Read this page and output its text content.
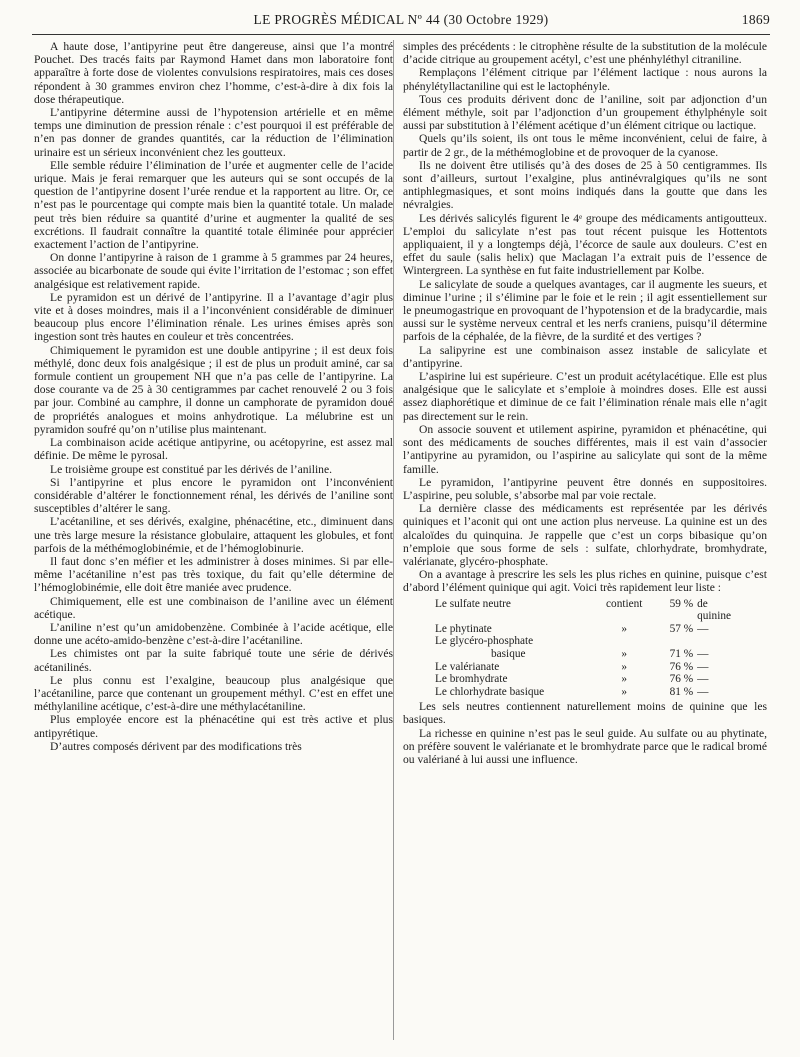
LE PROGRÈS MÉDICAL Nº 44 (30 Octobre 1929)	1869

A haute dose, l’antipyrine peut être dangereuse, ainsi que l’a montré Pouchet. Des tracés faits par Raymond Hamet dans mon laboratoire font apparaître à forte dose de violentes convulsions respiratoires, mais ces doses répondent à 30 grammes environ chez l’homme, c’est-à-dire à dix fois la dose thérapeutique.

L’antipyrine détermine aussi de l’hypotension artérielle et en même temps une diminution de pression rénale : c’est pourquoi il est préférable de n’en pas donner de grandes quantités, car la réduction de l’élimination urinaire est un sérieux inconvénient chez les goutteux.

Elle semble réduire l’élimination de l’urée et augmenter celle de l’acide urique. Mais je ferai remarquer que les auteurs qui se sont occupés de la question de l’antipyrine dosent l’urée rendue et la rapportent au litre. Or, ce n’est pas le pourcentage qui compte mais bien la quantité totale. Un malade peut très bien réduire sa quantité d’urine et augmenter la qualité de ses excrétions. Il faudrait connaître la quantité totale éliminée pour apprécier exactement l’action de l’antipyrine.

On donne l’antipyrine à raison de 1 gramme à 5 grammes par 24 heures, associée au bicarbonate de soude qui évite l’irritation de l’estomac ; son effet analgésique est relativement rapide.

Le pyramidon est un dérivé de l’antipyrine. Il a l’avantage d’agir plus vite et à doses moindres, mais il a l’inconvénient considérable de diminuer beaucoup plus encore l’élimination rénale. Les urines émises après son ingestion sont très hautes en couleur et très concentrées.

Chimiquement le pyramidon est une double antipyrine ; il est deux fois méthylé, donc deux fois analgésique ; il est de plus un produit aminé, car sa formule contient un groupement NH que n’a pas celle de l’antipyrine. La dose courante va de 25 à 30 centigrammes par cachet renouvelé 2 ou 3 fois par jour. Combiné au camphre, il donne un camphorate de pyramidon doué de propriétés analogues et moins anhydrotique. La mélubrine est un pyramidon soufré qu’on n’utilise plus maintenant.

La combinaison acide acétique antipyrine, ou acétopyrine, est assez mal définie. De même le pyrosal.

Le troisième groupe est constitué par les dérivés de l’aniline.

Si l’antipyrine et plus encore le pyramidon ont l’inconvénient considérable d’altérer le fonctionnement rénal, les dérivés de l’aniline sont susceptibles d’altérer le sang.

L’acétaniline, et ses dérivés, exalgine, phénacétine, etc., diminuent dans une très large mesure la résistance globulaire, attaquent les globules, et font parfois de la méthémoglobinémie, et de l’hémoglobinurie.

Il faut donc s’en méfier et les administrer à doses minimes. Si par elle-même l’acétaniline n’est pas très toxique, du fait qu’elle détermine de l’hémoglobinémie, elle doit être maniée avec prudence.

Chimiquement, elle est une combinaison de l’aniline avec un élément acétique.

L’aniline n’est qu’un amidobenzène. Combinée à l’acide acétique, elle donne une acéto-amido-benzène c’est-à-dire l’acétaniline.

Les chimistes ont par la suite fabriqué toute une série de dérivés acétanilinés.

Le plus connu est l’exalgine, beaucoup plus analgésique que l’acétaniline, parce que contenant un groupement méthyl. C’est en effet une méthylaniline acétique, c’est-à-dire une méthylacétaniline.

Plus employée encore est la phénacétine qui est très active et plus antipyrétique.

D’autres composés dérivent par des modifications très

simples des précédents : le citrophène résulte de la substitution de la molécule d’acide citrique au groupement acétyl, c’est une phénhyléthyl citraniline.

Remplaçons l’élément citrique par l’élément lactique : nous aurons la phénylétyllactaniline qui est le lactophényle.

Tous ces produits dérivent donc de l’aniline, soit par adjonction d’un élément méthyle, soit par l’adjonction d’un groupement éthylphényle soit aussi par substitution à l’élément acétique d’un élément citrique ou lactique.

Quels qu’ils soient, ils ont tous le même inconvénient, celui de faire, à partir de 2 gr., de la méthémoglobine et de provoquer de la cyanose.

Ils ne doivent être utilisés qu’à des doses de 25 à 50 centigrammes. Ils sont d’ailleurs, surtout l’exalgine, plus antinévralgiques qu’ils ne sont antiphlegmasiques, et sont moins indiqués dans la goutte que dans les névralgies.

Les dérivés salicylés figurent le 4ᵉ groupe des médicaments antigoutteux. L’emploi du salicylate n’est pas tout récent puisque les Hottentots appliquaient, il y a longtemps déjà, l’écorce de saule aux douleurs. C’est en effet du saule (salis helix) que Maclagan l’a extrait puis de l’essence de Wintergreen. La synthèse en fut faite industriellement par Kolbe.

Le salicylate de soude a quelques avantages, car il augmente les sueurs, et diminue l’urine ; il s’élimine par le foie et le rein ; il agit essentiellement sur le pneumogastrique en provoquant de l’hypotension et de la bradycardie, mais aussi sur le système nerveux central et les nerfs craniens, puisqu’il détermine parfois de la céphalée, de la fièvre, de la surdité et des vertiges ?

La salipyrine est une combinaison assez instable de salicylate et d’antipyrine.

L’aspirine lui est supérieure. C’est un produit acétylacétique. Elle est plus analgésique que le salicylate et s’emploie à moindres doses. Elle est aussi assez diaphorétique et diminue de ce fait l’élimination rénale mais elle n’agit pas directement sur le rein.

On associe souvent et utilement aspirine, pyramidon et phénacétine, qui sont des médicaments de souches différentes, mais il est vain d’associer l’antipyrine au pyramidon, ou l’aspirine au salicylate qui sont de la même famille.

Le pyramidon, l’antipyrine peuvent être donnés en suppositoires. L’aspirine, peu soluble, s’absorbe mal par voie rectale.

La dernière classe des médicaments est représentée par les dérivés quiniques et l’aconit qui ont une action plus nerveuse. La quinine est un des alcaloïdes du quinquina. Je rappelle que c’est un corps bibasique qu’on n’emploie que sous forme de sels : sulfate, chlorhydrate, bromhydrate, valérianate, glycéro-phosphate.

On a avantage à prescrire les sels les plus riches en quinine, puisque c’est d’abord l’élément quinique qui agit. Voici très rapidement leur liste :

Le sulfate neutre	contient	59 %	de quinine
Le phytinate	»	57 %	—
Le glycéro-phosphate			
basique	»	71 %	—
Le valérianate	»	76 %	—
Le bromhydrate	»	76 %	—
Le chlorhydrate basique	»	81 %	—

Les sels neutres contiennent naturellement moins de quinine que les basiques.

La richesse en quinine n’est pas le seul guide. Au sulfate ou au phytinate, on préfère souvent le valérianate et le bromhydrate parce que le radical bromé ou valériané à lui aussi une influence.
